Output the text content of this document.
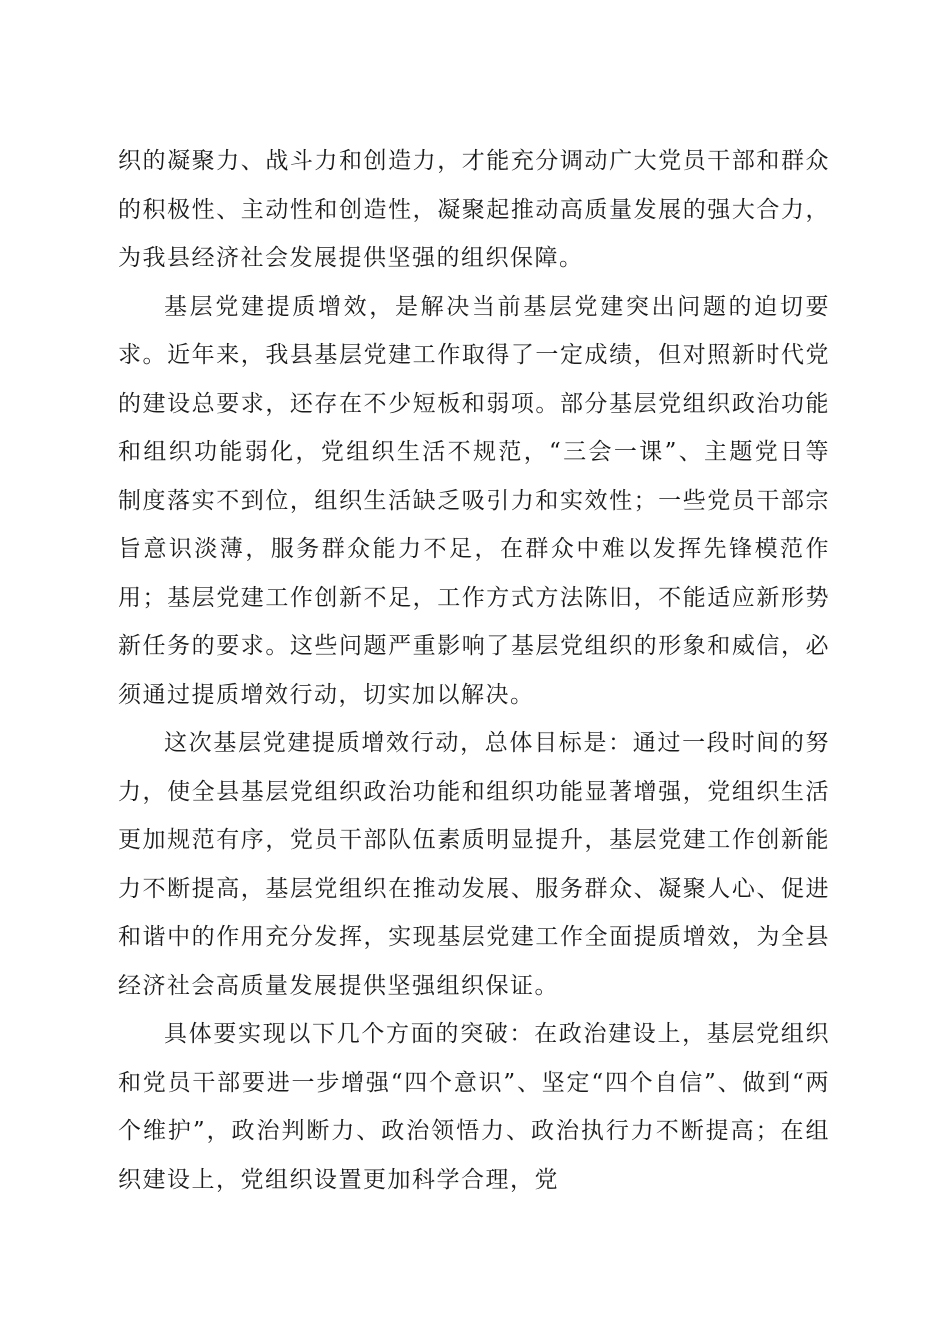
织的凝聚力、战斗力和创造力，才能充分调动广大党员干部和群众的积极性、主动性和创造性，凝聚起推动高质量发展的强大合力，为我县经济社会发展提供坚强的组织保障。

基层党建提质增效，是解决当前基层党建突出问题的迫切要求。近年来，我县基层党建工作取得了一定成绩，但对照新时代党的建设总要求，还存在不少短板和弱项。部分基层党组织政治功能和组织功能弱化，党组织生活不规范，“三会一课”、主题党日等制度落实不到位，组织生活缺乏吸引力和实效性；一些党员干部宗旨意识淡薄，服务群众能力不足，在群众中难以发挥先锋模范作用；基层党建工作创新不足，工作方式方法陈旧，不能适应新形势新任务的要求。这些问题严重影响了基层党组织的形象和威信，必须通过提质增效行动，切实加以解决。

这次基层党建提质增效行动，总体目标是：通过一段时间的努力，使全县基层党组织政治功能和组织功能显著增强，党组织生活更加规范有序，党员干部队伍素质明显提升，基层党建工作创新能力不断提高，基层党组织在推动发展、服务群众、凝聚人心、促进和谐中的作用充分发挥，实现基层党建工作全面提质增效，为全县经济社会高质量发展提供坚强组织保证。

具体要实现以下几个方面的突破：在政治建设上，基层党组织和党员干部要进一步增强“四个意识”、坚定“四个自信”、做到“两个维护”，政治判断力、政治领悟力、政治执行力不断提高；在组织建设上，党组织设置更加科学合理，党
